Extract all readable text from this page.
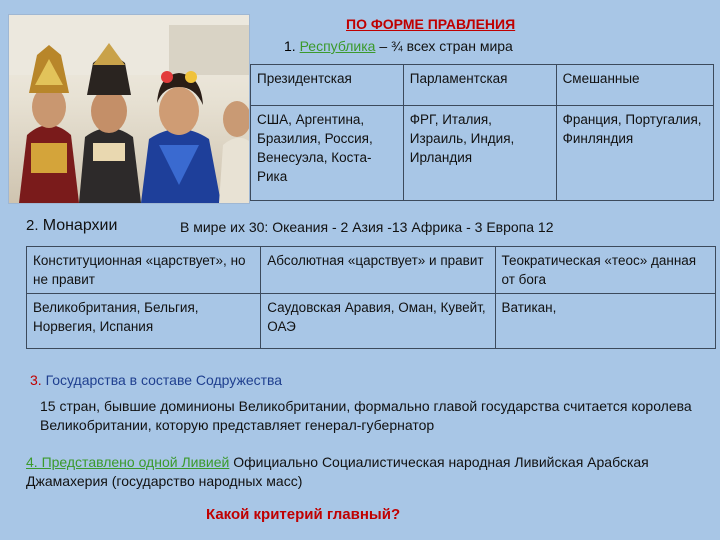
ПО ФОРМЕ ПРАВЛЕНИЯ
1. Республика – ¾ всех стран мира
Президентская	Парламентская	Смешанные
США, Аргентина, Бразилия, Россия, Венесуэла, Коста-Рика	ФРГ, Италия, Израиль, Индия, Ирландия	Франция, Португалия, Финляндия
2. Монархии	В мире их 30: Океания - 2 Азия -13 Африка - 3 Европа 12
Конституционная «царствует», но не правит	Абсолютная «царствует» и правит	Теократическая «теос» данная от бога
Великобритания, Бельгия, Норвегия, Испания	Саудовская Аравия, Оман, Кувейт, ОАЭ	Ватикан,
3. Государства в составе Содружества
15 стран, бывшие доминионы Великобритании, формально главой государства считается королева Великобритании, которую представляет генерал-губернатор
4. Представлено одной Ливией Официально Социалистическая народная Ливийская Арабская Джамахерия (государство народных масс)
Какой критерий главный?
